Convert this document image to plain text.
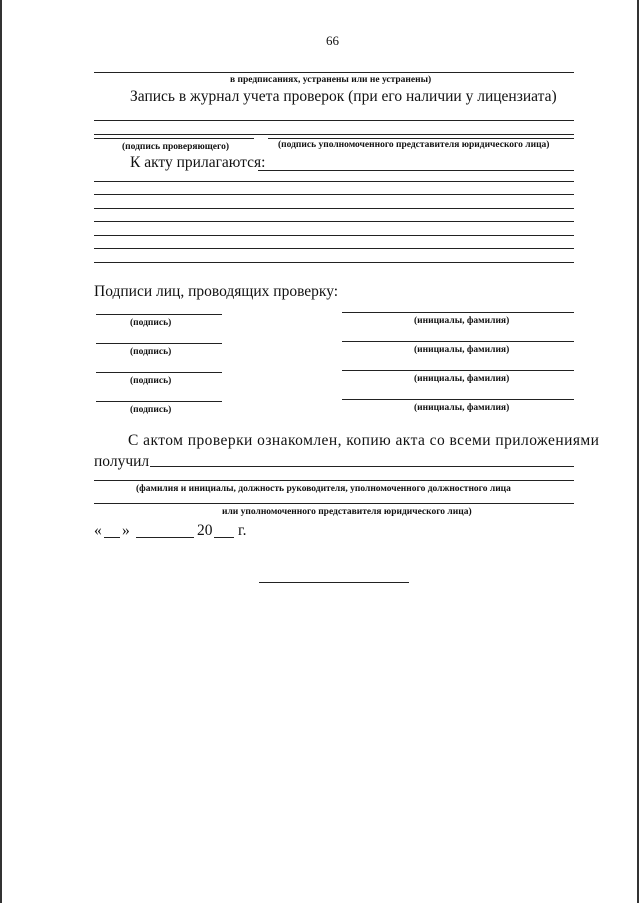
66
в предписаниях, устранены или не устранены)
Запись в журнал учета проверок (при его наличии у лицензиата)
(подпись проверяющего)	(подпись уполномоченного представителя юридического лица)
К акту прилагаются:
Подписи лиц, проводящих проверку:
(подпись)	(инициалы, фамилия)
(подпись)	(инициалы, фамилия)
(подпись)	(инициалы, фамилия)
(подпись)	(инициалы, фамилия)
С актом проверки ознакомлен, копию акта со всеми приложениями
получил
(фамилия и инициалы, должность руководителя, уполномоченного должностного лица
или уполномоченного представителя юридического лица)
« »	20 г.
